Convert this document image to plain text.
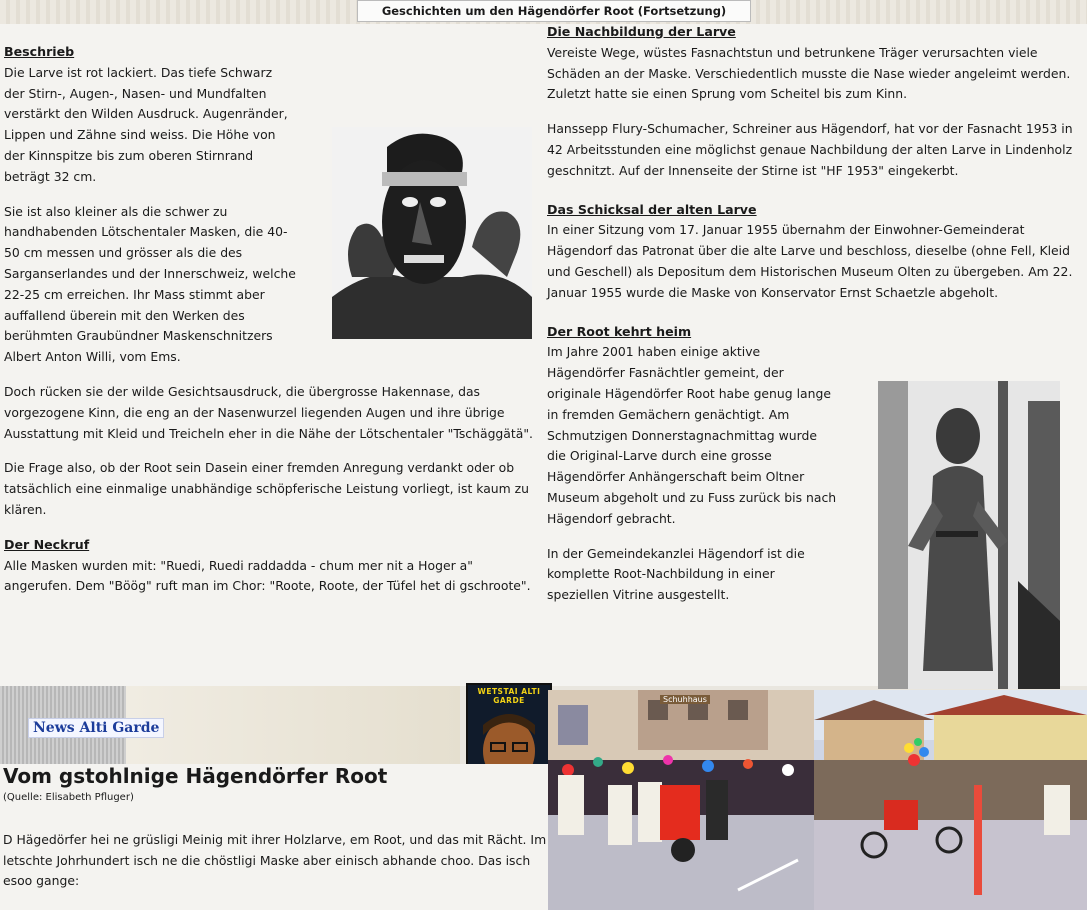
Geschichten um den Hägendörfer Root (Fortsetzung)
Beschrieb

Die Larve ist rot lackiert. Das tiefe Schwarz der Stirn-, Augen-, Nasen- und Mundfalten verstärkt den Wilden Ausdruck. Augenränder, Lippen und Zähne sind weiss. Die Höhe von der Kinnspitze bis zum oberen Stirnrand beträgt 32 cm.

Sie ist also kleiner als die schwer zu handhabenden Lötschentaler Masken, die 40-50 cm messen und grösser als die des Sarganserlandes und der Innerschweiz, welche 22-25 cm erreichen. Ihr Mass stimmt aber auffallend überein mit den Werken des berühmten Graubündner Maskenschnitzers Albert Anton Willi, vom Ems.

Doch rücken sie der wilde Gesichtsausdruck, die übergrosse Hakennase, das vorgezogene Kinn, die eng an der Nasenwurzel liegenden Augen und ihre übrige Ausstattung mit Kleid und Treicheln eher in die Nähe der Lötschentaler "Tschäggätä".

Die Frage also, ob der Root sein Dasein einer fremden Anregung verdankt oder ob tatsächlich eine einmalige unabhändige schöpferische Leistung vorliegt, ist kaum zu klären.

Der Neckruf

Alle Masken wurden mit: "Ruedi, Ruedi raddadda - chum mer nit a Hoger a" angerufen. Dem "Böög" ruft man im Chor: "Roote, Roote, der Tüfel het di gschroote".

Die Nachbildung der Larve

Vereiste Wege, wüstes Fasnachtstun und betrunkene Träger verursachten viele Schäden an der Maske. Verschiedentlich musste die Nase wieder angeleimt werden. Zuletzt hatte sie einen Sprung vom Scheitel bis zum Kinn.

Hanssepp Flury-Schumacher, Schreiner aus Hägendorf, hat vor der Fasnacht 1953 in 42 Arbeitsstunden eine möglichst genaue Nachbildung der alten Larve in Lindenholz geschnitzt. Auf der Innenseite der Stirne ist "HF 1953" eingekerbt.

Das Schicksal der alten Larve

In einer Sitzung vom 17. Januar 1955 übernahm der Einwohner-Gemeinderat Hägendorf das Patronat über die alte Larve und beschloss, dieselbe (ohne Fell, Kleid und Geschell) als Depositum dem Historischen Museum Olten zu übergeben. Am 22. Januar 1955 wurde die Maske von Konservator Ernst Schaetzle abgeholt.

Der Root kehrt heim

Im Jahre 2001 haben einige aktive Hägendörfer Fasnächtler gemeint, der originale Hägendörfer Root habe genug lange in fremden Gemächern genächtigt. Am Schmutzigen Donnerstagnachmittag wurde die Original-Larve durch eine grosse Hägendörfer Anhängerschaft beim Oltner Museum abgeholt und zu Fuss zurück bis nach Hägendorf gebracht.

In der Gemeindekanzlei Hägendorf ist die komplette Root-Nachbildung in einer speziellen Vitrine ausgestellt.

News Alti Garde
WETSTAI ALTI GARDE
Vom gstohlnige Hägendörfer Root
(Quelle: Elisabeth Pfluger)
D Hägedörfer hei ne grüsligi Meinig mit ihrer Holzlarve, em Root, und das mit Rächt. Im letschte Johrhundert isch ne die chöstligi Maske aber einisch abhande choo. Das isch esoo gange:
Schuhhaus
